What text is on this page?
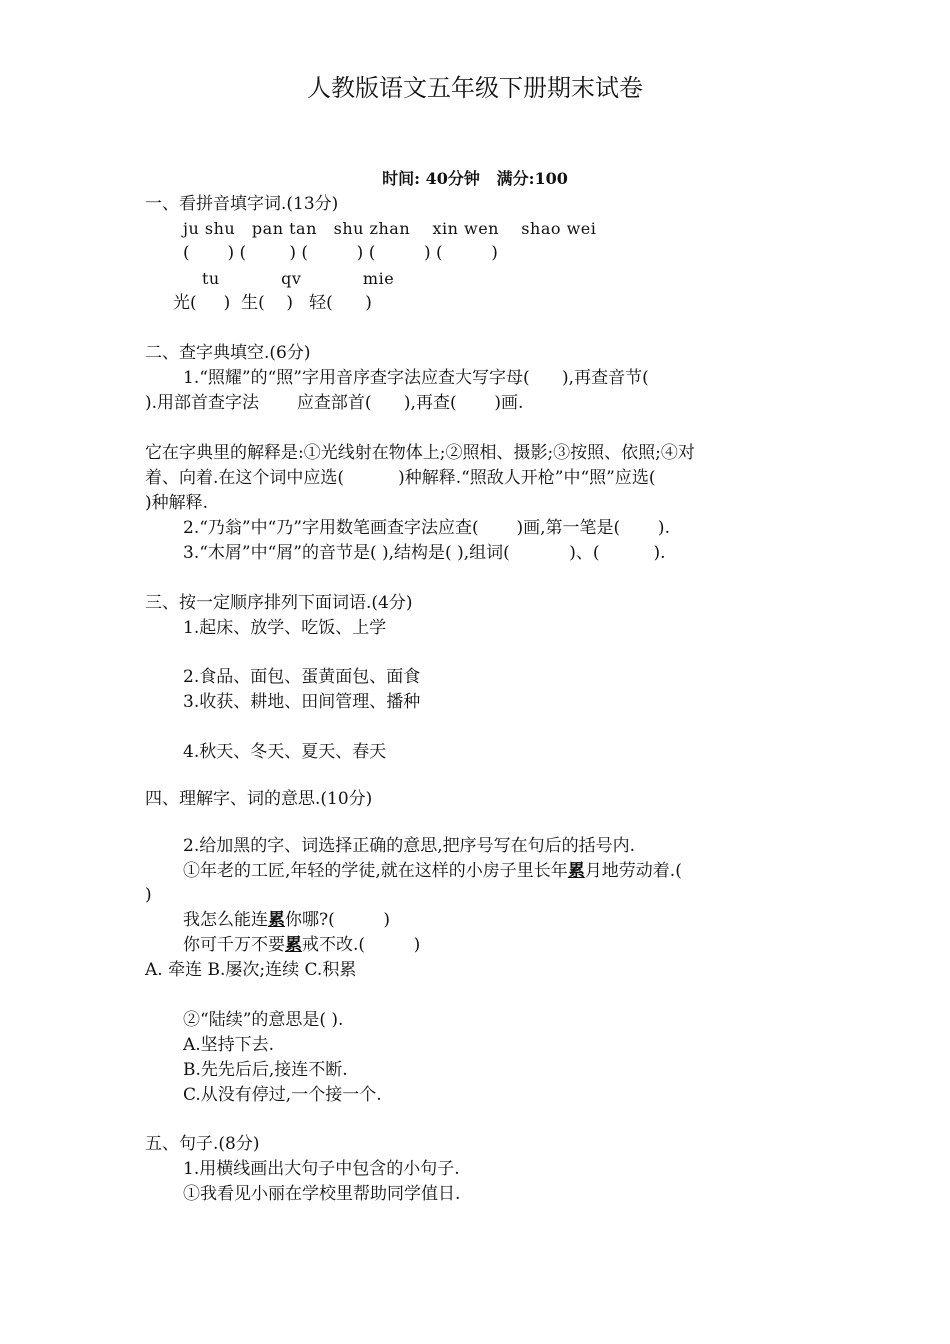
人教版语文五年级下册期末试卷
时间: 40分钟   满分:100
一、看拼音填字词.(13分)
ju shu   pan tan   shu zhan    xin wen    shao wei
(       ) (        ) (         ) (         ) (         )
tu           qv           mie
光(     )  生(    )   轻(      )
二、查字典填空.(6分)
1.“照耀”的“照”字用音序查字法应查大写字母(      ),再查音节(
).用部首查字法       应查部首(      ),再查(       )画.
它在字典里的解释是:①光线射在物体上;②照相、摄影;③按照、依照;④对
着、向着.在这个词中应选(          )种解释.“照敌人开枪”中“照”应选(
)种解释.
2.“乃翁”中“乃”字用数笔画查字法应查(       )画,第一笔是(       ).
3.“木屑”中“屑”的音节是( ),结构是( ),组词(           )、(          ).
三、按一定顺序排列下面词语.(4分)
1.起床、放学、吃饭、上学
2.食品、面包、蛋黄面包、面食
3.收获、耕地、田间管理、播种
4.秋天、冬天、夏天、春天
四、理解字、词的意思.(10分)
2.给加黑的字、词选择正确的意思,把序号写在句后的括号内.
①年老的工匠,年轻的学徒,就在这样的小房子里长年累月地劳动着.(
)
我怎么能连累你哪?(         )
你可千万不要累戒不改.(         )
A. 牵连 B.屡次;连续 C.积累
②“陆续”的意思是( ).
A.坚持下去.
B.先先后后,接连不断.
C.从没有停过,一个接一个.
五、句子.(8分)
1.用横线画出大句子中包含的小句子.
①我看见小丽在学校里帮助同学值日.
